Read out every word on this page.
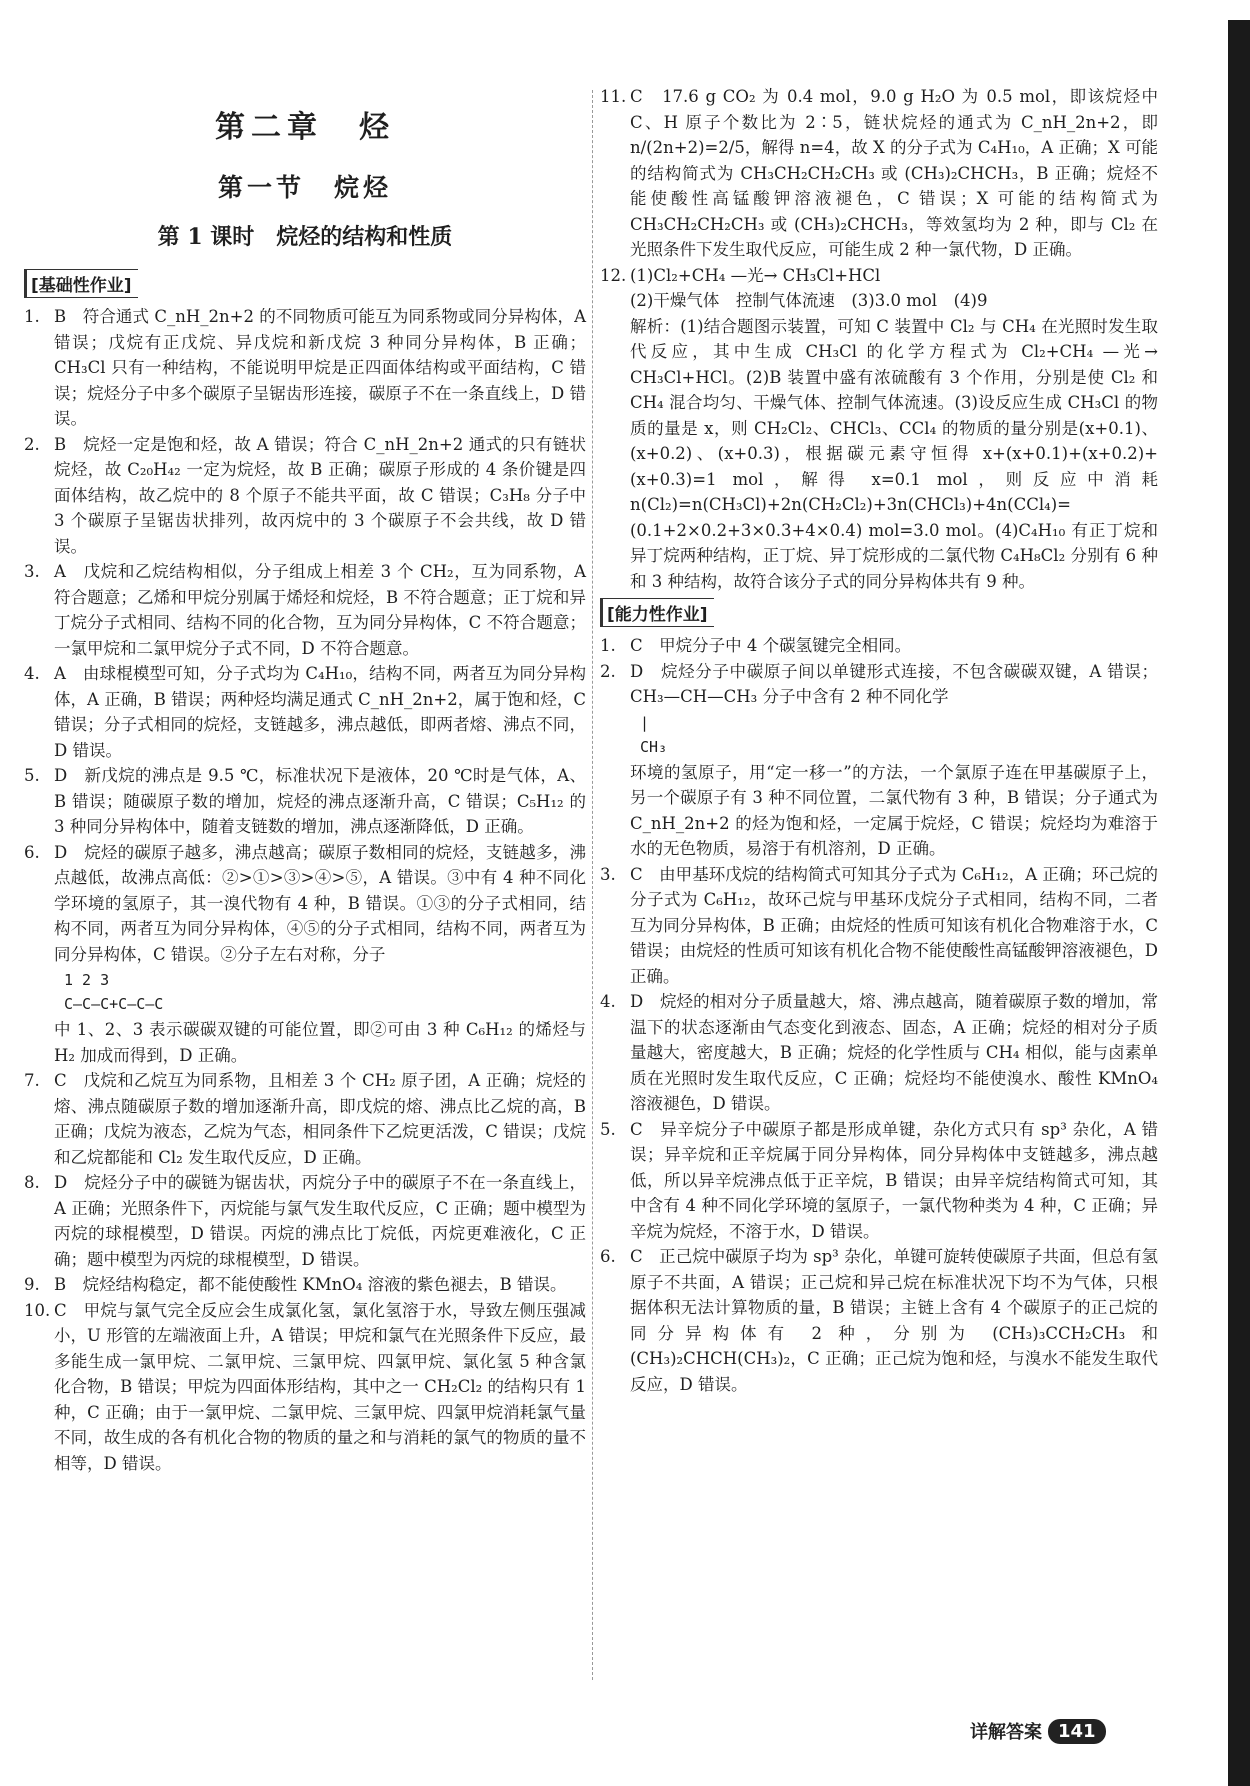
第二章　烃
第一节　烷烃
第 1 课时　烷烃的结构和性质
[基础性作业]

1. B　符合通式 C_nH_2n+2 的不同物质可能互为同系物或同分异构体，A 错误；戊烷有正戊烷、异戊烷和新戊烷 3 种同分异构体，B 正确；CH₃Cl 只有一种结构，不能说明甲烷是正四面体结构或平面结构，C 错误；烷烃分子中多个碳原子呈锯齿形连接，碳原子不在一条直线上，D 错误。

2. B　烷烃一定是饱和烃，故 A 错误；符合 C_nH_2n+2 通式的只有链状烷烃，故 C₂₀H₄₂ 一定为烷烃，故 B 正确；碳原子形成的 4 条价键是四面体结构，故乙烷中的 8 个原子不能共平面，故 C 错误；C₃H₈ 分子中 3 个碳原子呈锯齿状排列，故丙烷中的 3 个碳原子不会共线，故 D 错误。

3. A　戊烷和乙烷结构相似，分子组成上相差 3 个 CH₂，互为同系物，A 符合题意；乙烯和甲烷分别属于烯烃和烷烃，B 不符合题意；正丁烷和异丁烷分子式相同、结构不同的化合物，互为同分异构体，C 不符合题意；一氯甲烷和二氯甲烷分子式不同，D 不符合题意。

4. A　由球棍模型可知，分子式均为 C₄H₁₀，结构不同，两者互为同分异构体，A 正确，B 错误；两种烃均满足通式 C_nH_2n+2，属于饱和烃，C 错误；分子式相同的烷烃，支链越多，沸点越低，即两者熔、沸点不同，D 错误。

5. D　新戊烷的沸点是 9.5 ℃，标准状况下是液体，20 ℃时是气体，A、B 错误；随碳原子数的增加，烷烃的沸点逐渐升高，C 错误；C₅H₁₂ 的 3 种同分异构体中，随着支链数的增加，沸点逐渐降低，D 正确。

6. D　烷烃的碳原子越多，沸点越高；碳原子数相同的烷烃，支链越多，沸点越低，故沸点高低：②>①>③>④>⑤，A 错误。③中有 4 种不同化学环境的氢原子，其一溴代物有 4 种，B 错误。①③的分子式相同，结构不同，两者互为同分异构体，④⑤的分子式相同，结构不同，两者互为同分异构体，C 错误。②分子左右对称，分子

1 2 3
C—C—C+C—C—C

中 1、2、3 表示碳碳双键的可能位置，即②可由 3 种 C₆H₁₂ 的烯烃与 H₂ 加成而得到，D 正确。

7. C　戊烷和乙烷互为同系物，且相差 3 个 CH₂ 原子团，A 正确；烷烃的熔、沸点随碳原子数的增加逐渐升高，即戊烷的熔、沸点比乙烷的高，B 正确；戊烷为液态，乙烷为气态，相同条件下乙烷更活泼，C 错误；戊烷和乙烷都能和 Cl₂ 发生取代反应，D 正确。

8. D　烷烃分子中的碳链为锯齿状，丙烷分子中的碳原子不在一条直线上，A 正确；光照条件下，丙烷能与氯气发生取代反应，C 正确；题中模型为丙烷的球棍模型，D 错误。丙烷的沸点比丁烷低，丙烷更难液化，C 正确；题中模型为丙烷的球棍模型，D 错误。

9. B　烷烃结构稳定，都不能使酸性 KMnO₄ 溶液的紫色褪去，B 错误。

10. C　甲烷与氯气完全反应会生成氯化氢，氯化氢溶于水，导致左侧压强减小，U 形管的左端液面上升，A 错误；甲烷和氯气在光照条件下反应，最多能生成一氯甲烷、二氯甲烷、三氯甲烷、四氯甲烷、氯化氢 5 种含氯化合物，B 错误；甲烷为四面体形结构，其中之一 CH₂Cl₂ 的结构只有 1 种，C 正确；由于一氯甲烷、二氯甲烷、三氯甲烷、四氯甲烷消耗氯气量不同，故生成的各有机化合物的物质的量之和与消耗的氯气的物质的量不相等，D 错误。

11. C　17.6 g CO₂ 为 0.4 mol，9.0 g H₂O 为 0.5 mol，即该烷烃中 C、H 原子个数比为 2∶5，链状烷烃的通式为 C_nH_2n+2，即 n/(2n+2)=2/5，解得 n=4，故 X 的分子式为 C₄H₁₀，A 正确；X 可能的结构简式为 CH₃CH₂CH₂CH₃ 或 (CH₃)₂CHCH₃，B 正确；烷烃不能使酸性高锰酸钾溶液褪色，C 错误；X 可能的结构简式为 CH₃CH₂CH₂CH₃ 或 (CH₃)₂CHCH₃，等效氢均为 2 种，即与 Cl₂ 在光照条件下发生取代反应，可能生成 2 种一氯代物，D 正确。

12. (1)Cl₂+CH₄ —光→ CH₃Cl+HCl

(2)干燥气体　控制气体流速　(3)3.0 mol　(4)9

解析：(1)结合题图示装置，可知 C 装置中 Cl₂ 与 CH₄ 在光照时发生取代反应，其中生成 CH₃Cl 的化学方程式为 Cl₂+CH₄ —光→ CH₃Cl+HCl。(2)B 装置中盛有浓硫酸有 3 个作用，分别是使 Cl₂ 和 CH₄ 混合均匀、干燥气体、控制气体流速。(3)设反应生成 CH₃Cl 的物质的量是 x，则 CH₂Cl₂、CHCl₃、CCl₄ 的物质的量分别是(x+0.1)、(x+0.2)、(x+0.3)，根据碳元素守恒得 x+(x+0.1)+(x+0.2)+(x+0.3)=1 mol，解得 x=0.1 mol，则反应中消耗 n(Cl₂)=n(CH₃Cl)+2n(CH₂Cl₂)+3n(CHCl₃)+4n(CCl₄)=(0.1+2×0.2+3×0.3+4×0.4) mol=3.0 mol。(4)C₄H₁₀ 有正丁烷和异丁烷两种结构，正丁烷、异丁烷形成的二氯代物 C₄H₈Cl₂ 分别有 6 种和 3 种结构，故符合该分子式的同分异构体共有 9 种。

[能力性作业]

1. C　甲烷分子中 4 个碳氢键完全相同。

2. D　烷烃分子中碳原子间以单键形式连接，不包含碳碳双键，A 错误；CH₃—CH—CH₃ 分子中含有 2 种不同化学

|
CH₃

环境的氢原子，用“定一移一”的方法，一个氯原子连在甲基碳原子上，另一个碳原子有 3 种不同位置，二氯代物有 3 种，B 错误；分子通式为 C_nH_2n+2 的烃为饱和烃，一定属于烷烃，C 错误；烷烃均为难溶于水的无色物质，易溶于有机溶剂，D 正确。

3. C　由甲基环戊烷的结构简式可知其分子式为 C₆H₁₂，A 正确；环己烷的分子式为 C₆H₁₂，故环己烷与甲基环戊烷分子式相同，结构不同，二者互为同分异构体，B 正确；由烷烃的性质可知该有机化合物难溶于水，C 错误；由烷烃的性质可知该有机化合物不能使酸性高锰酸钾溶液褪色，D 正确。

4. D　烷烃的相对分子质量越大，熔、沸点越高，随着碳原子数的增加，常温下的状态逐渐由气态变化到液态、固态，A 正确；烷烃的相对分子质量越大，密度越大，B 正确；烷烃的化学性质与 CH₄ 相似，能与卤素单质在光照时发生取代反应，C 正确；烷烃均不能使溴水、酸性 KMnO₄ 溶液褪色，D 错误。

5. C　异辛烷分子中碳原子都是形成单键，杂化方式只有 sp³ 杂化，A 错误；异辛烷和正辛烷属于同分异构体，同分异构体中支链越多，沸点越低，所以异辛烷沸点低于正辛烷，B 错误；由异辛烷结构简式可知，其中含有 4 种不同化学环境的氢原子，一氯代物种类为 4 种，C 正确；异辛烷为烷烃，不溶于水，D 错误。

6. C　正己烷中碳原子均为 sp³ 杂化，单键可旋转使碳原子共面，但总有氢原子不共面，A 错误；正己烷和异己烷在标准状况下均不为气体，只根据体积无法计算物质的量，B 错误；主链上含有 4 个碳原子的正己烷的同分异构体有 2 种，分别为 (CH₃)₃CCH₂CH₃ 和 (CH₃)₂CHCH(CH₃)₂，C 正确；正己烷为饱和烃，与溴水不能发生取代反应，D 错误。

详解答案 141
